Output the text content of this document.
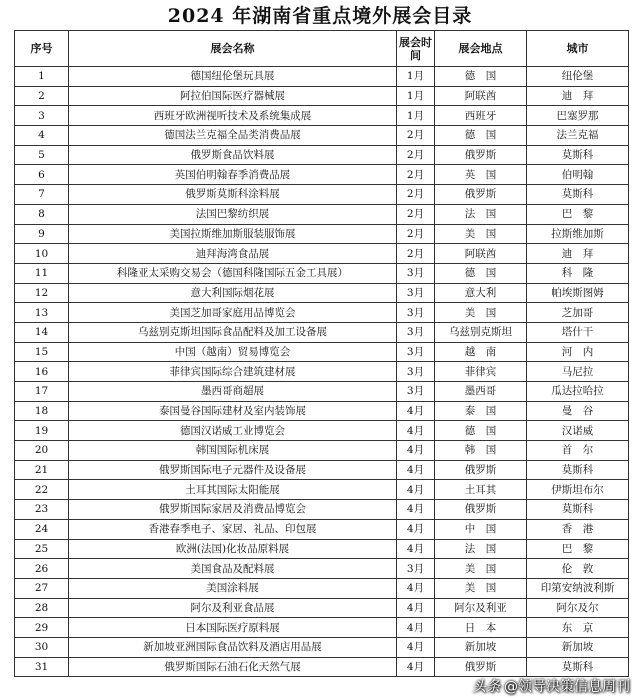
2024 年湖南省重点境外展会目录
序号	展会名称	展会时间	展会地点	城市
1	德国纽伦堡玩具展	1月	德　国	纽伦堡
2	阿拉伯国际医疗器械展	1月	阿联酋	迪　拜
3	西班牙欧洲视听技术及系统集成展	1月	西班牙	巴塞罗那
4	德国法兰克福全品类消费品展	2月	德　国	法兰克福
5	俄罗斯食品饮料展	2月	俄罗斯	莫斯科
6	英国伯明翰春季消费品展	2月	英　国	伯明翰
7	俄罗斯莫斯科涂料展	2月	俄罗斯	莫斯科
8	法国巴黎纺织展	2月	法　国	巴　黎
9	美国拉斯维加斯服装服饰展	2月	美　国	拉斯维加斯
10	迪拜海湾食品展	2月	阿联酋	迪　拜
11	科隆亚太采购交易会（德国科隆国际五金工具展）	3月	德　国	科　隆
12	意大利国际烟花展	3月	意大利	帕埃斯图姆
13	美国芝加哥家庭用品博览会	3月	美　国	芝加哥
14	乌兹别克斯坦国际食品配料及加工设备展	3月	乌兹别克斯坦	塔什干
15	中国（越南）贸易博览会	3月	越　南	河　内
16	菲律宾国际综合建筑建材展	3月	菲律宾	马尼拉
17	墨西哥商超展	3月	墨西哥	瓜达拉哈拉
18	泰国曼谷国际建材及室内装饰展	4月	泰　国	曼　谷
19	德国汉诺威工业博览会	4月	德　国	汉诺威
20	韩国国际机床展	4月	韩　国	首　尔
21	俄罗斯国际电子元器件及设备展	4月	俄罗斯	莫斯科
22	土耳其国际太阳能展	4月	土耳其	伊斯坦布尔
23	俄罗斯国际家居及消费品博览会	4月	俄罗斯	莫斯科
24	香港春季电子、家居、礼品、印包展	4月	中　国	香　港
25	欧洲(法国)化妆品原料展	4月	法　国	巴　黎
26	美国食品及配料展	3月	美　国	伦　敦
27	美国涂料展	4月	美　国	印第安纳波利斯
28	阿尔及利亚食品展	4月	阿尔及利亚	阿尔及尔
29	日本国际医疗原料展	4月	日　本	东　京
30	新加坡亚洲国际食品饮料及酒店用品展	4月	新加坡	新加坡
31	俄罗斯国际石油石化天然气展	4月	俄罗斯	莫斯科
头条 @领导决策信息周刊
